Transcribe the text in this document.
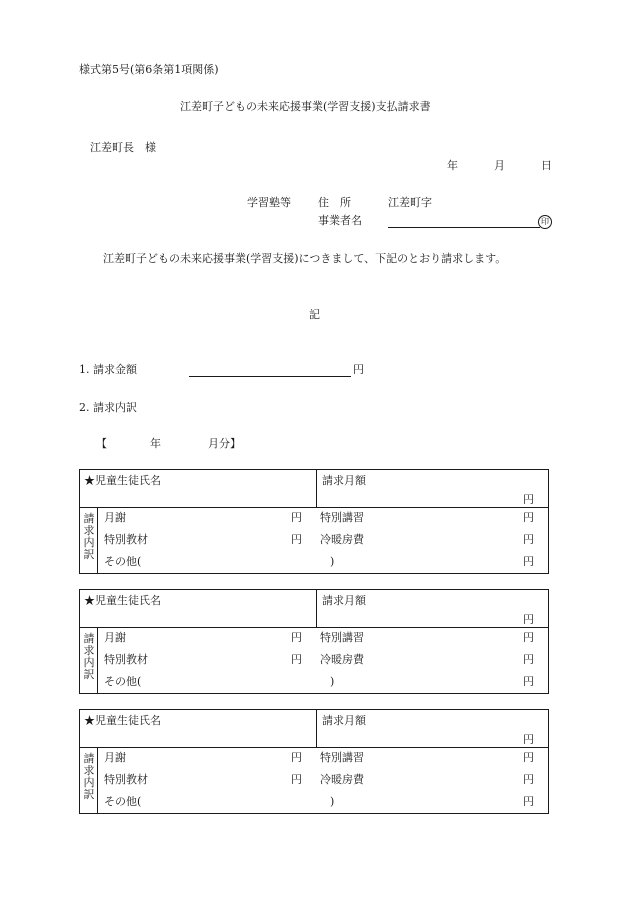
様式第5号(第6条第1項関係)
江差町子どもの未来応援事業(学習支援)支払請求書
江差町長　様
年	月	日
学習塾等 住　所	江差町字
事業者名	印
江差町子どもの未来応援事業(学習支援)につきまして、下記のとおり請求します。
記
1. 請求金額	円
2. 請求内訳
【	年	月分】
★児童生徒氏名	請求月額
円
請
求
内
訳
月謝	円 特別講習	円
特別教材	円 冷暖房費	円
その他(	)	円
★児童生徒氏名	請求月額
円
請
求
内
訳
月謝	円 特別講習	円
特別教材	円 冷暖房費	円
その他(	)	円
★児童生徒氏名	請求月額
円
請
求
内
訳
月謝	円 特別講習	円
特別教材	円 冷暖房費	円
その他(	)	円
